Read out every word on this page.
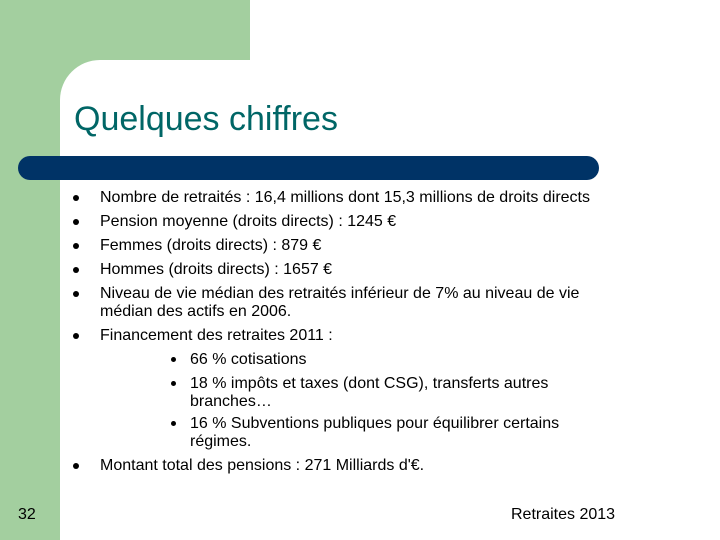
Quelques chiffres
Nombre de retraités : 16,4 millions dont 15,3 millions de droits directs
Pension moyenne (droits directs) : 1245 €
Femmes (droits directs) : 879 €
Hommes (droits directs) : 1657 €
Niveau de vie médian des retraités inférieur de 7% au niveau de vie
médian des actifs en 2006.
Financement des retraites 2011 :
66 % cotisations
18 % impôts et taxes (dont CSG), transferts autres
branches…
16 % Subventions publiques pour équilibrer certains
régimes.
Montant total des pensions : 271 Milliards d'€.
32	Retraites 2013
